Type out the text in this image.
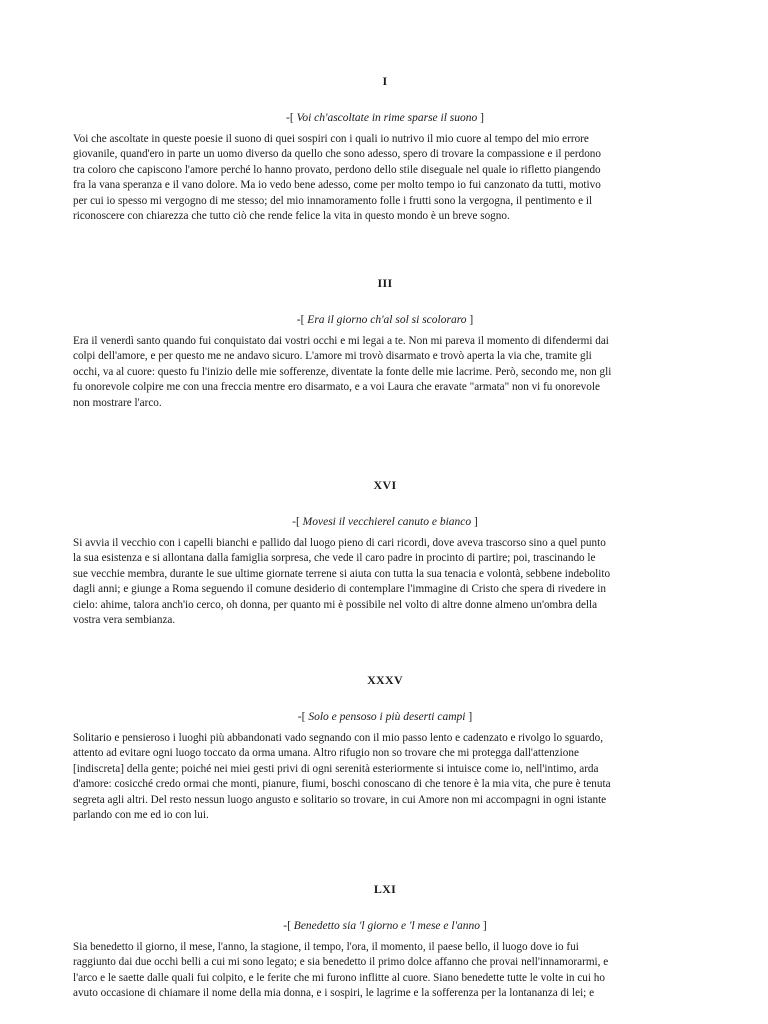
I

-[ Voi ch'ascoltate in rime sparse il suono ]

Voi che ascoltate in queste poesie il suono di quei sospiri con i quali io nutrivo il mio cuore al tempo del mio errore
giovanile, quand'ero in parte un uomo diverso da quello che sono adesso, spero di trovare la compassione e il perdono
tra coloro che capiscono l'amore perché lo hanno provato, perdono dello stile diseguale nel quale io rifletto piangendo
fra la vana speranza e il vano dolore. Ma io vedo bene adesso, come per molto tempo io fui canzonato da tutti, motivo
per cui io spesso mi vergogno di me stesso; del mio innamoramento folle i frutti sono la vergogna, il pentimento e il
riconoscere con chiarezza che tutto ciò che rende felice la vita in questo mondo è un breve sogno.

III

-[ Era il giorno ch'al sol si scoloraro ]

Era il venerdì santo quando fui conquistato dai vostri occhi e mi legai a te. Non mi pareva il momento di difendermi dai
colpi dell'amore, e per questo me ne andavo sicuro. L'amore mi trovò disarmato e trovò aperta la via che, tramite gli
occhi, va al cuore: questo fu l'inizio delle mie sofferenze, diventate la fonte delle mie lacrime. Però, secondo me, non gli
fu onorevole colpire me con una freccia mentre ero disarmato, e a voi Laura che eravate "armata" non vi fu onorevole
non mostrare l'arco.

XVI

-[ Movesi il vecchierel canuto e bianco ]

Si avvia il vecchio con i capelli bianchi e pallido dal luogo pieno di cari ricordi, dove aveva trascorso sino a quel punto
la sua esistenza e si allontana dalla famiglia sorpresa, che vede il caro padre in procinto di partire; poi, trascinando le
sue vecchie membra, durante le sue ultime giornate terrene si aiuta con tutta la sua tenacia e volontà, sebbene indebolito
dagli anni; e giunge a Roma seguendo il comune desiderio di contemplare l'immagine di Cristo che spera di rivedere in
cielo: ahime, talora anch'io cerco, oh donna, per quanto mi è possibile nel volto di altre donne almeno un'ombra della
vostra vera sembianza.

XXXV

-[ Solo e pensoso i più deserti campi ]

Solitario e pensieroso i luoghi più abbandonati vado segnando con il mio passo lento e cadenzato e rivolgo lo sguardo,
attento ad evitare ogni luogo toccato da orma umana. Altro rifugio non so trovare che mi protegga dall'attenzione
[indiscreta] della gente; poiché nei miei gesti privi di ogni serenità esteriormente si intuisce come io, nell'intimo, arda
d'amore: cosicché credo ormai che monti, pianure, fiumi, boschi conoscano di che tenore è la mia vita, che pure è tenuta
segreta agli altri. Del resto nessun luogo angusto e solitario so trovare, in cui Amore non mi accompagni in ogni istante
parlando con me ed io con lui.

LXI

-[ Benedetto sia 'l giorno e 'l mese e l'anno ]

Sia benedetto il giorno, il mese, l'anno, la stagione, il tempo, l'ora, il momento, il paese bello, il luogo dove io fui
raggiunto dai due occhi belli a cui mi sono legato; e sia benedetto il primo dolce affanno che provai nell'innamorarmi, e
l'arco e le saette dalle quali fui colpito, e le ferite che mi furono inflitte al cuore. Siano benedette tutte le volte in cui ho
avuto occasione di chiamare il nome della mia donna, e i sospiri, le lagrime e la sofferenza per la lontananza di lei; e
